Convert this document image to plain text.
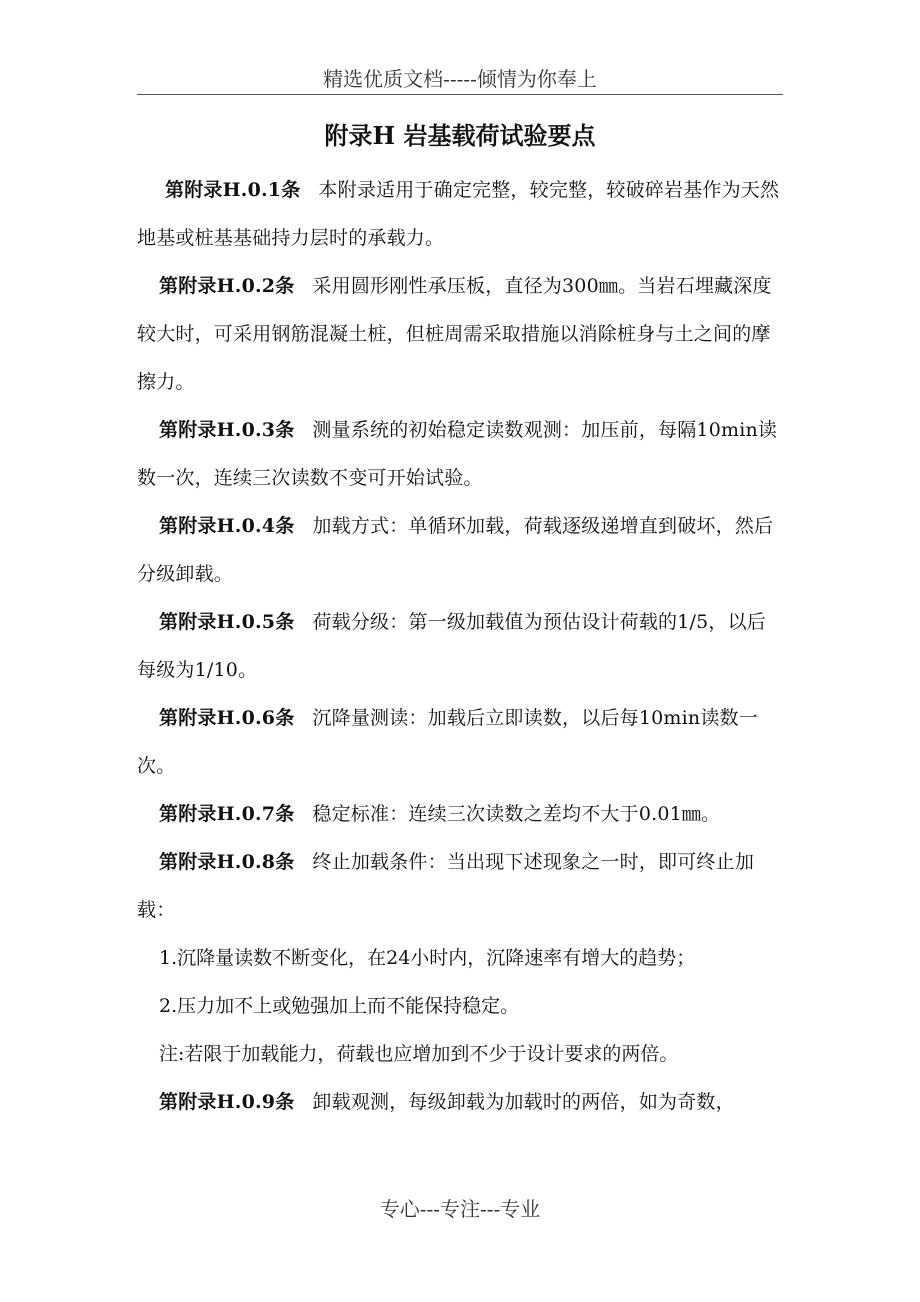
精选优质文档-----倾情为你奉上
附录H 岩基载荷试验要点

第附录H.0.1条 本附录适用于确定完整，较完整，较破碎岩基作为天然地基或桩基基础持力层时的承载力。

第附录H.0.2条 采用圆形刚性承压板，直径为300㎜。当岩石埋藏深度较大时，可采用钢筋混凝土桩，但桩周需采取措施以消除桩身与土之间的摩擦力。

第附录H.0.3条 测量系统的初始稳定读数观测：加压前，每隔10min读数一次，连续三次读数不变可开始试验。

第附录H.0.4条 加载方式：单循环加载，荷载逐级递增直到破坏，然后分级卸载。

第附录H.0.5条 荷载分级：第一级加载值为预估设计荷载的1/5，以后每级为1/10。

第附录H.0.6条 沉降量测读：加载后立即读数，以后每10min读数一次。

第附录H.0.7条 稳定标准：连续三次读数之差均不大于0.01㎜。

第附录H.0.8条 终止加载条件：当出现下述现象之一时，即可终止加载：

1.沉降量读数不断变化，在24小时内，沉降速率有增大的趋势；

2.压力加不上或勉强加上而不能保持稳定。

注:若限于加载能力，荷载也应增加到不少于设计要求的两倍。

第附录H.0.9条 卸载观测，每级卸载为加载时的两倍，如为奇数，

专心---专注---专业
